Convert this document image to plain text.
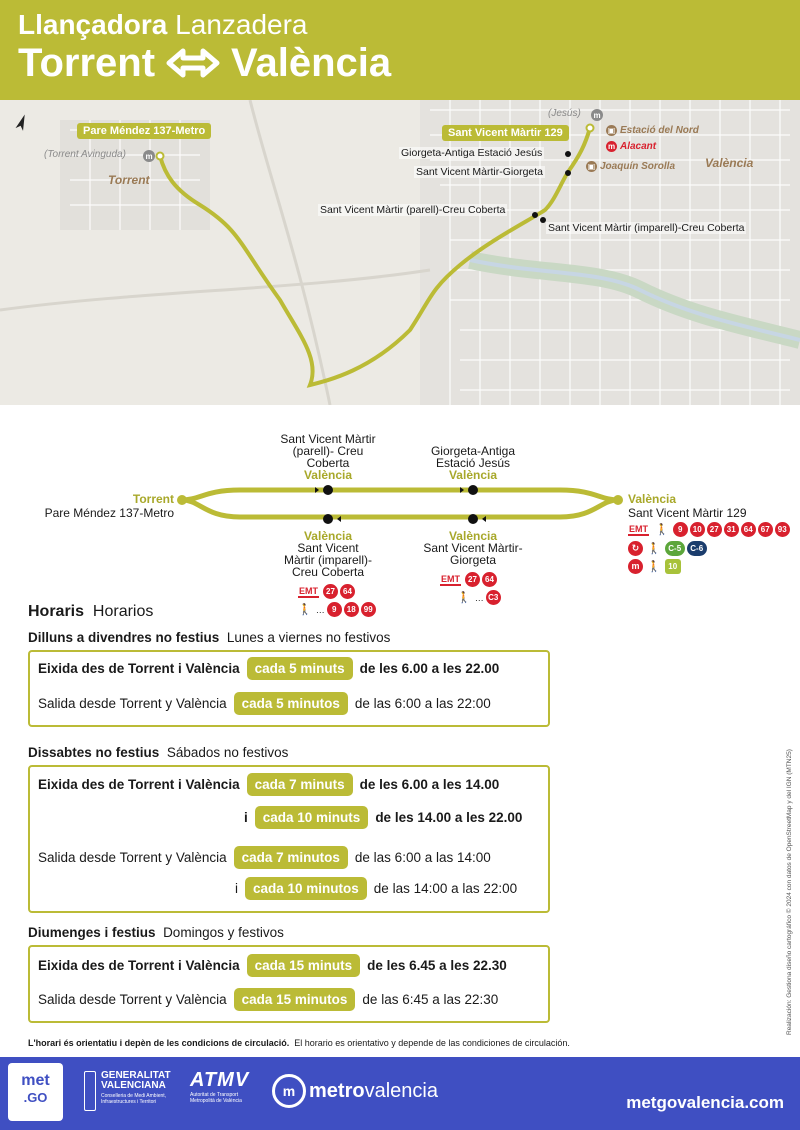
Llançadora Lanzadera
Torrent València
m
m
Torrent
València
Pare Méndez 137-Metro	Sant Vicent Màrtir 129
(Torrent Avinguda)
(Jesús)
Giorgeta-Antiga Estació Jesús
Sant Vicent Màrtir-Giorgeta
Sant Vicent Màrtir (parell)-Creu Coberta
Sant Vicent Màrtir (imparell)-Creu Coberta
▣ Estació del Nord
m Alacant
▣ Joaquín Sorolla
Torrent
Pare Méndez 137-Metro
València
Sant Vicent Màrtir 129
Sant Vicent Màrtir (parell)- Creu Coberta
València
Giorgeta-Antiga Estació Jesús
València
València
Sant Vicent Màrtir (imparell)- Creu Coberta
València
Sant Vicent Màrtir-Giorgeta
EMT	27	64
🚶 … 9	18	99
EMT	27	64
🚶 … C3
EMT 🚶	9	10	27	31	64	67	93
↻ 🚶 C-5	C-6
m 🚶 10
Horaris Horarios
Dilluns a divendres no festius Lunes a viernes no festivos
Eixida des de Torrent i València	cada 5 minuts	de les 6.00 a les 22.00
Salida desde Torrent y València	cada 5 minutos	de las 6:00 a las 22:00
Dissabtes no festius Sábados no festivos
Eixida des de Torrent i València	cada 7 minuts	de les 6.00 a les 14.00
i	cada 10 minuts	de les 14.00 a les 22.00
Salida desde Torrent y València	cada 7 minutos	de las 6:00 a las 14:00
i	cada 10 minutos	de las 14:00 a las 22:00
Diumenges i festius Domingos y festivos
Eixida des de Torrent i València	cada 15 minuts	de les 6.45 a les 22.30
Salida desde Torrent y València	cada 15 minutos	de las 6:45 a las 22:30
L'horari és orientatiu i depèn de les condicions de circulació. El horario es orientativo y depende de las condiciones de circulación.
Realización: Gestiona diseño cartográfico © 2024 con datos de OpenStreetMap y del IGN (MTN25)
met
.GO
GENERALITAT
VALENCIANA
Conselleria de Medi Ambient, Infraestructures i Territori
ATMV
Autoritat de Transport Metropolità de València
m metrovalencia
metgovalencia.com
